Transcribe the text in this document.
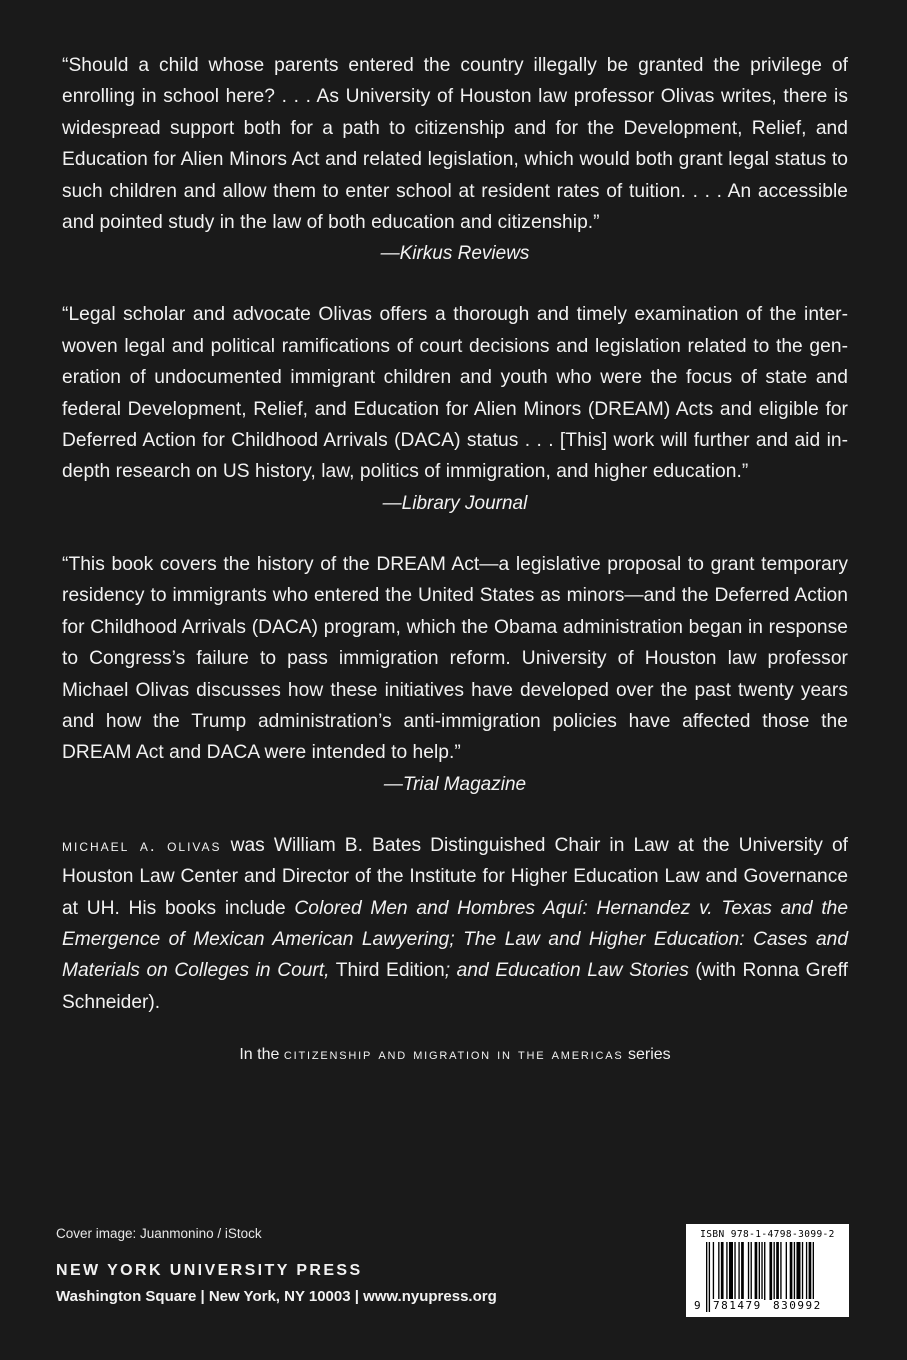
“Should a child whose parents entered the country illegally be granted the privilege of enrolling in school here? . . . As University of Houston law professor Olivas writes, there is widespread support both for a path to citizenship and for the Development, Relief, and Education for Alien Minors Act and related legislation, which would both grant legal status to such children and allow them to enter school at resident rates of tuition. . . . An accessible and pointed study in the law of both education and citizenship.”

—Kirkus Reviews

“Legal scholar and advocate Olivas offers a thorough and timely examination of the interwoven legal and political ramifications of court decisions and legislation related to the generation of undocumented immigrant children and youth who were the focus of state and federal Development, Relief, and Education for Alien Minors (DREAM) Acts and eligible for Deferred Action for Childhood Arrivals (DACA) status . . . [This] work will further and aid indepth research on US history, law, politics of immigration, and higher education.”

—Library Journal

“This book covers the history of the DREAM Act—a legislative proposal to grant temporary residency to immigrants who entered the United States as minors—and the Deferred Action for Childhood Arrivals (DACA) program, which the Obama administration began in response to Congress’s failure to pass immigration reform. University of Houston law professor Michael Olivas discusses how these initiatives have developed over the past twenty years and how the Trump administration’s anti-immigration policies have affected those the DREAM Act and DACA were intended to help.”

—Trial Magazine

michael a. olivas was William B. Bates Distinguished Chair in Law at the University of Houston Law Center and Director of the Institute for Higher Education Law and Governance at UH. His books include Colored Men and Hombres Aquí: Hernandez v. Texas and the Emergence of Mexican American Lawyering; The Law and Higher Education: Cases and Materials on Colleges in Court, Third Edition; and Education Law Stories (with Ronna Greff Schneider).

In the citizenship and migration in the americas series
Cover image: Juanmonino / iStock
NEW YORK UNIVERSITY PRESS
Washington Square | New York, NY 10003 | www.nyupress.org
ISBN 978-1-4798-3099-2
9 781479 830992
